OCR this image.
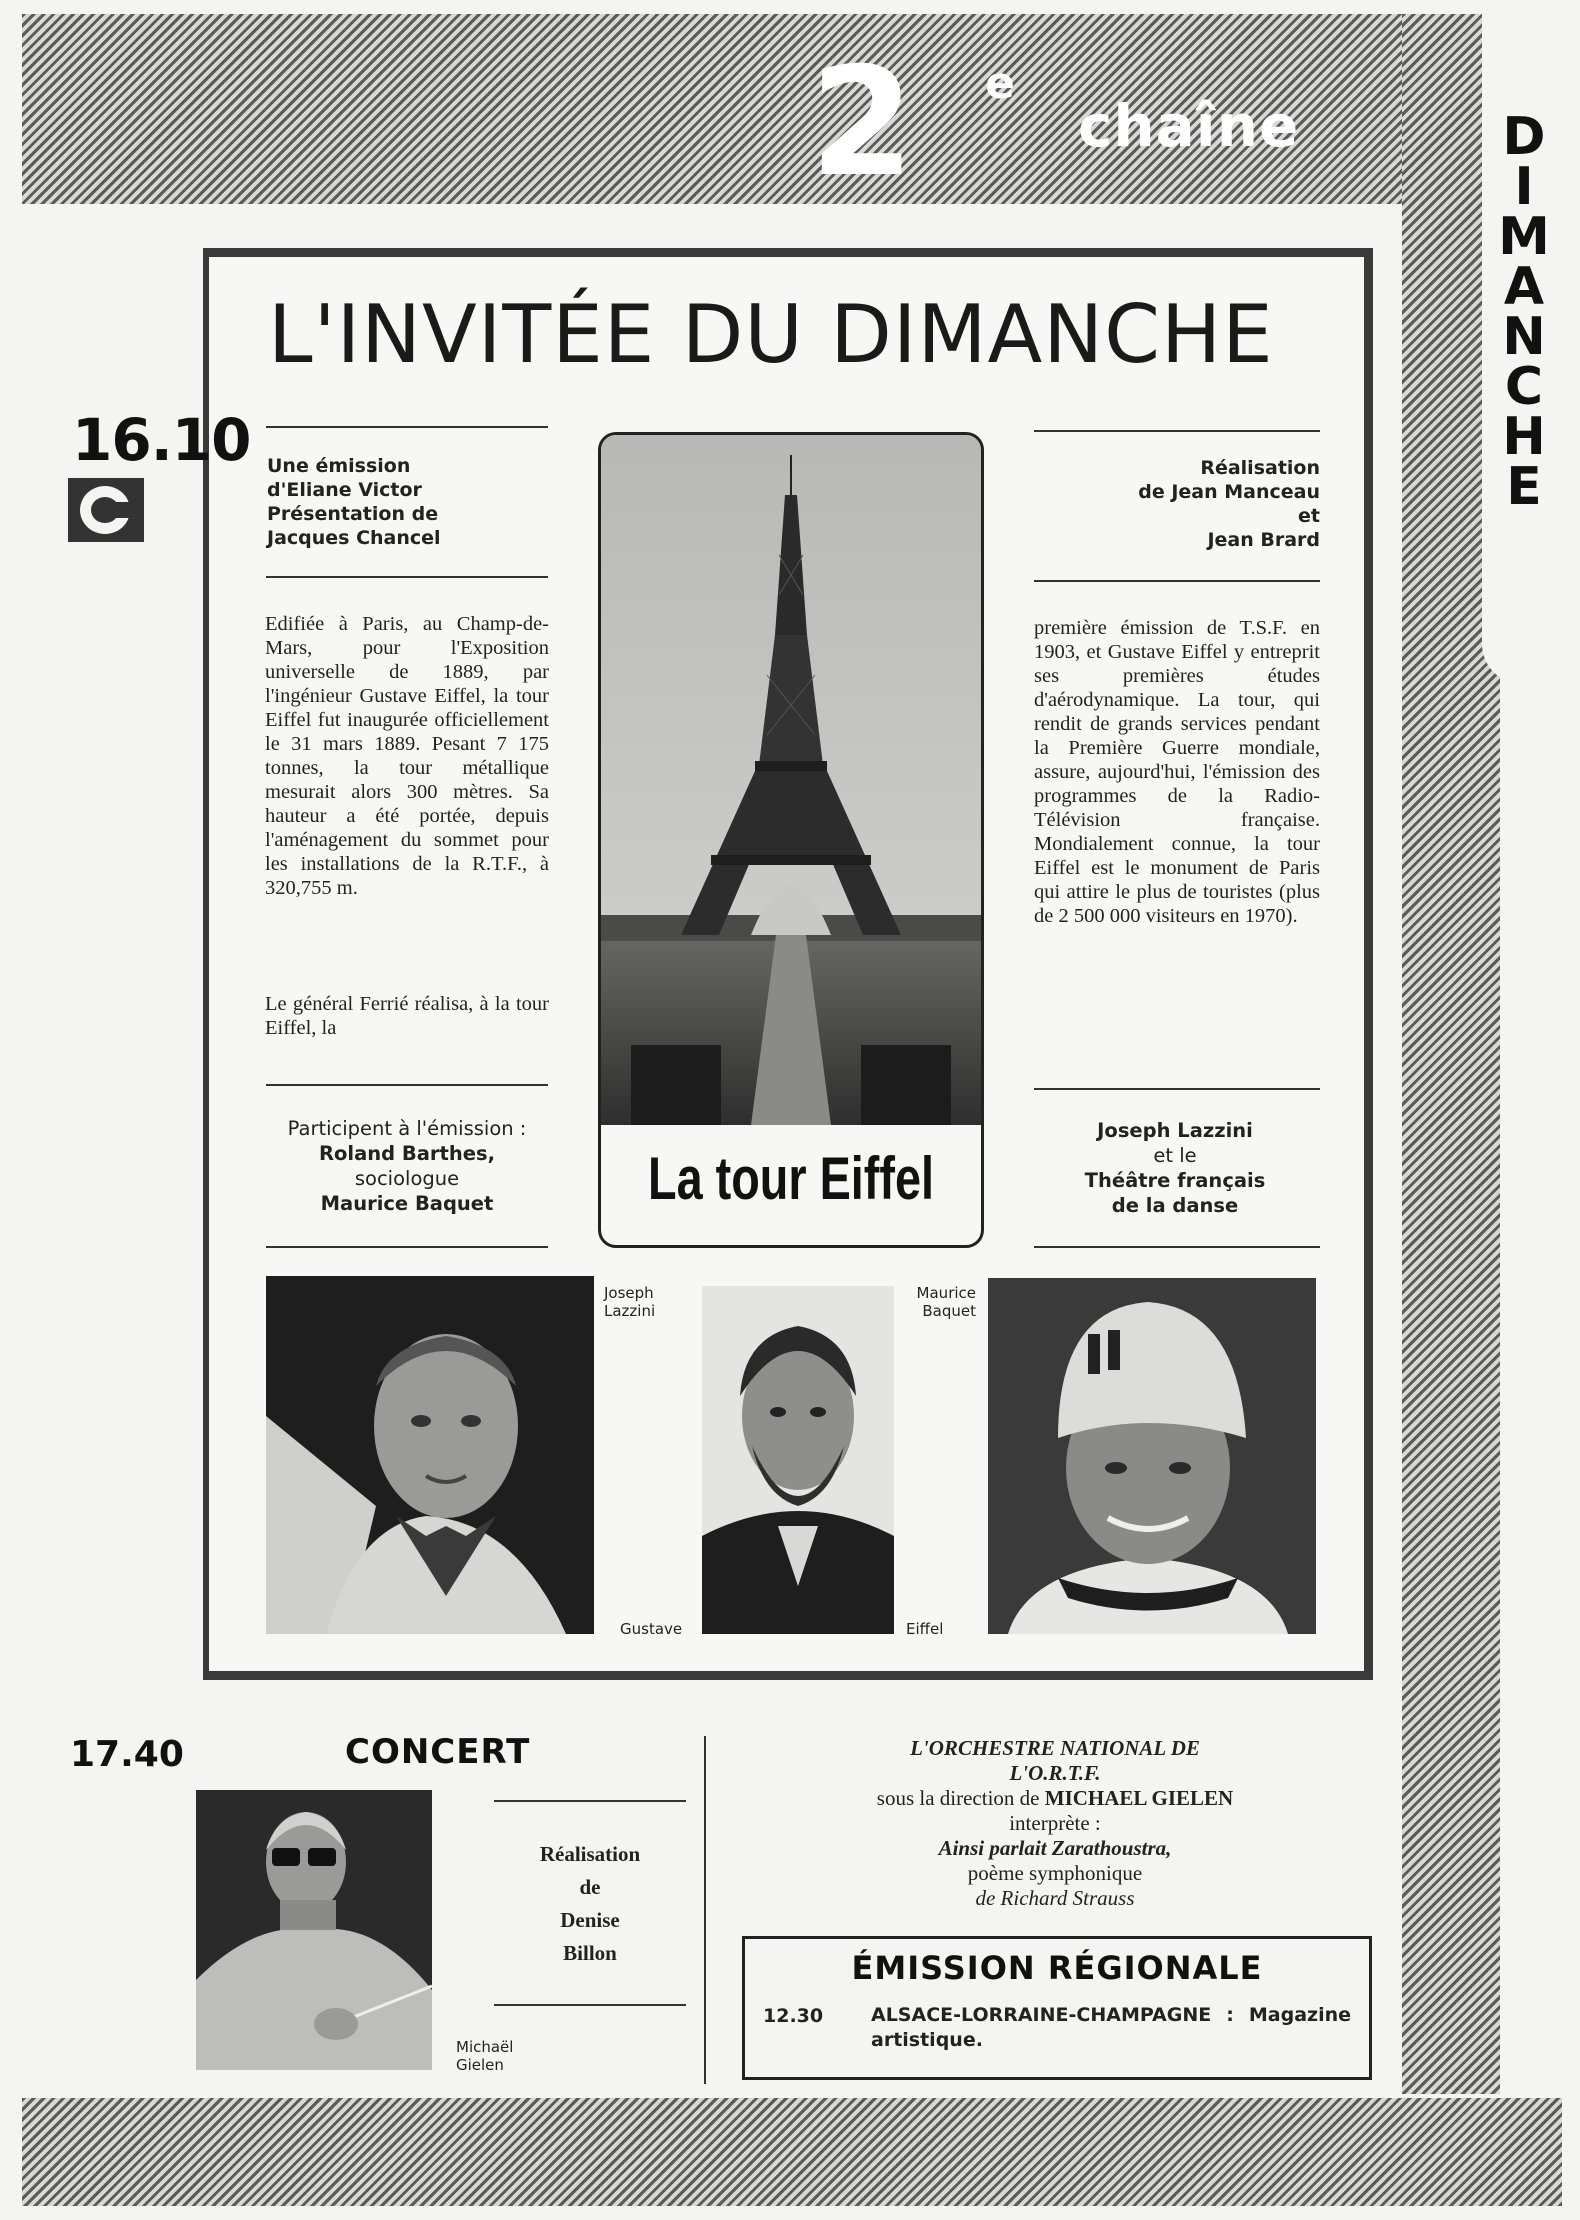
2 e
chaîne	D
I
M
A
N
C
H
E
L'INVITÉE DU DIMANCHE
16.10 Une émission
d'Eliane Victor
Présentation de
Jacques Chancel
Réalisation
de Jean Manceau
et
Jean Brard
Edifiée à Paris, au Champ-de-Mars, pour l'Exposition universelle de 1889, par l'ingénieur Gustave Eiffel, la tour Eiffel fut inaugurée officiellement le 31 mars 1889. Pesant 7 175 tonnes, la tour métallique mesurait alors 300 mètres. Sa hauteur a été portée, depuis l'aménagement du sommet pour les installations de la R.T.F., à 320,755 m.
Le général Ferrié réalisa, à la tour Eiffel, la
première émission de T.S.F. en 1903, et Gustave Eiffel y entreprit ses premières études d'aérodynamique. La tour, qui rendit de grands services pendant la Première Guerre mondiale, assure, aujourd'hui, l'émission des programmes de la Radio-Télévision française. Mondialement connue, la tour Eiffel est le monument de Paris qui attire le plus de touristes (plus de 2 500 000 visiteurs en 1970).
La tour Eiffel
Participent à l'émission :
Roland Barthes,
sociologue
Maurice Baquet
Joseph Lazzini
et le
Théâtre français
de la danse
Joseph
Lazzini
Maurice
Baquet
Gustave	Eiffel
17.40	CONCERT
Michaël
Gielen
Réalisation
de
Denise
Billon
L'ORCHESTRE NATIONAL DE
L'O.R.T.F.
sous la direction de MICHAEL GIELEN
interprète :
Ainsi parlait Zarathoustra,
poème symphonique
de Richard Strauss
ÉMISSION RÉGIONALE
12.30	ALSACE-LORRAINE-CHAMPAGNE : Magazine artistique.
